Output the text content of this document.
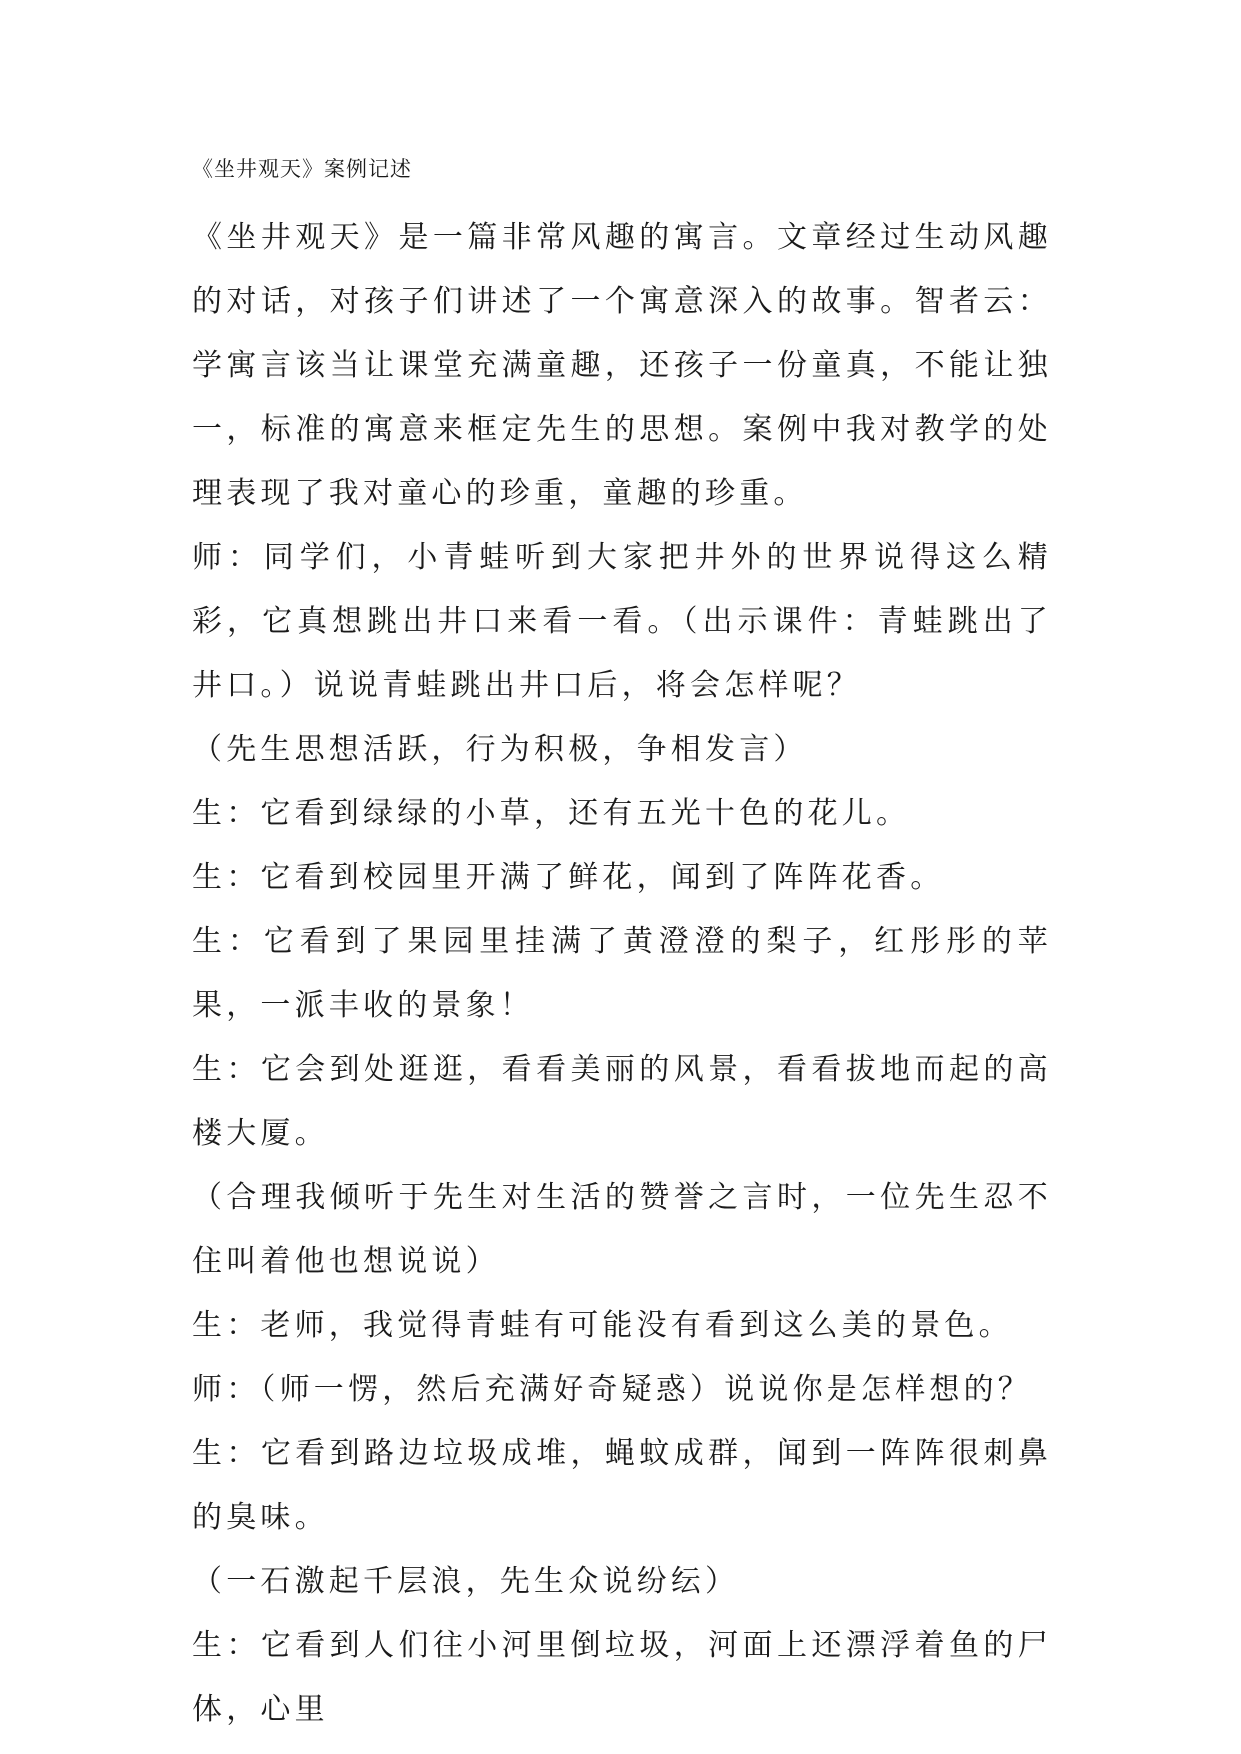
《坐井观天》案例记述

《坐井观天》是一篇非常风趣的寓言。文章经过生动风趣的对话，对孩子们讲述了一个寓意深入的故事。智者云：学寓言该当让课堂充满童趣，还孩子一份童真，不能让独一，标准的寓意来框定先生的思想。案例中我对教学的处理表现了我对童心的珍重，童趣的珍重。

师：同学们，小青蛙听到大家把井外的世界说得这么精彩，它真想跳出井口来看一看。（出示课件：青蛙跳出了井口。）说说青蛙跳出井口后，将会怎样呢？

（先生思想活跃，行为积极，争相发言）

生：它看到绿绿的小草，还有五光十色的花儿。

生：它看到校园里开满了鲜花，闻到了阵阵花香。

生：它看到了果园里挂满了黄澄澄的梨子，红彤彤的苹果，一派丰收的景象！

生：它会到处逛逛，看看美丽的风景，看看拔地而起的高楼大厦。

（合理我倾听于先生对生活的赞誉之言时，一位先生忍不住叫着他也想说说）

生：老师，我觉得青蛙有可能没有看到这么美的景色。

师：（师一愣，然后充满好奇疑惑）说说你是怎样想的？

生：它看到路边垃圾成堆，蝇蚊成群，闻到一阵阵很刺鼻的臭味。

（一石激起千层浪，先生众说纷纭）

生：它看到人们往小河里倒垃圾，河面上还漂浮着鱼的尸体，心里
